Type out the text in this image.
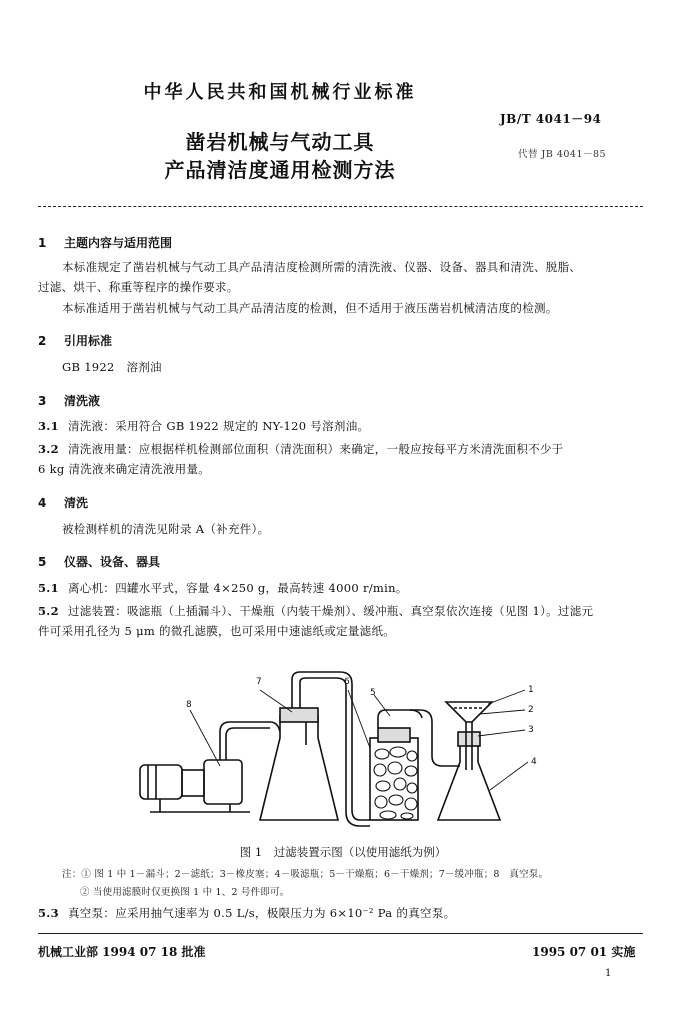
中华人民共和国机械行业标准
JB/T 4041－94
凿岩机械与气动工具
代替 JB 4041－85
产品清洁度通用检测方法
1 主题内容与适用范围
本标准规定了凿岩机械与气动工具产品清洁度检测所需的清洗液、仪器、设备、器具和清洗、脱脂、
过滤、烘干、称重等程序的操作要求。
本标准适用于凿岩机械与气动工具产品清洁度的检测，但不适用于液压凿岩机械清洁度的检测。
2 引用标准
GB 1922　溶剂油
3 清洗液
3.1 清洗液：采用符合 GB 1922 规定的 NY-120 号溶剂油。
3.2 清洗液用量：应根据样机检测部位面积（清洗面积）来确定，一般应按每平方米清洗面积不少于
6 kg 清洗液来确定清洗液用量。
4 清洗
被检测样机的清洗见附录 A（补充件）。
5 仪器、设备、器具
5.1 离心机：四罐水平式，容量 4×250 g，最高转速 4000 r/min。
5.2 过滤装置：吸滤瓶（上插漏斗）、干燥瓶（内装干燥剂）、缓冲瓶、真空泵依次连接（见图 1）。过滤元
件可采用孔径为 5 μm 的微孔滤膜，也可采用中速滤纸或定量滤纸。
7	6
5
8
1
2
3
4
图 1　过滤装置示图（以使用滤纸为例）
注：① 图 1 中 1－漏斗；2－滤纸；3－橡皮塞；4－吸滤瓶；5－干燥瓶；6－干燥剂；7－缓冲瓶；8　真空泵。
② 当使用滤膜时仅更换图 1 中 1、2 号件即可。
5.3 真空泵：应采用抽气速率为 0.5 L/s，极限压力为 6×10⁻² Pa 的真空泵。
机械工业部 1994 07 18 批准	1995 07 01 实施
1
